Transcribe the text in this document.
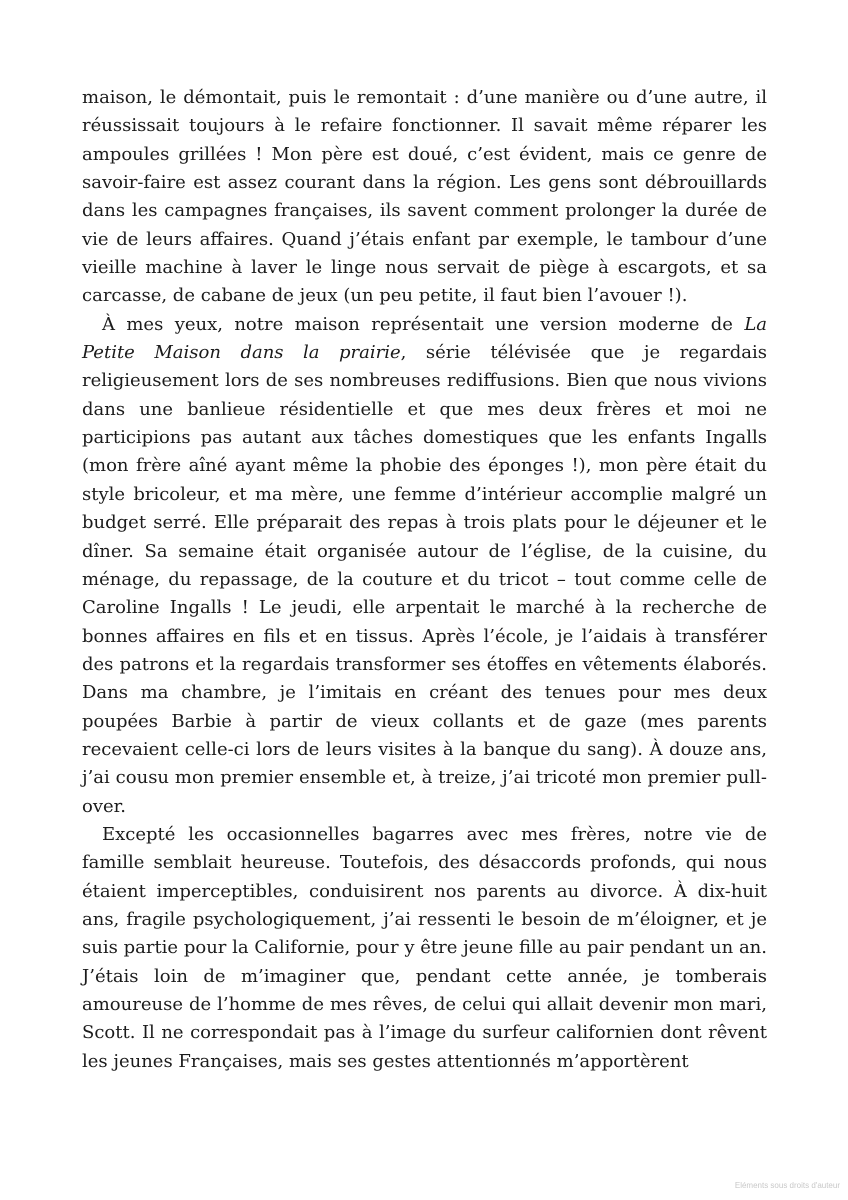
maison, le démontait, puis le remontait : d’une manière ou d’une autre, il réussissait toujours à le refaire fonctionner. Il savait même réparer les ampoules grillées ! Mon père est doué, c’est évident, mais ce genre de savoir-faire est assez courant dans la région. Les gens sont débrouillards dans les campagnes françaises, ils savent comment prolonger la durée de vie de leurs affaires. Quand j’étais enfant par exemple, le tambour d’une vieille machine à laver le linge nous servait de piège à escargots, et sa carcasse, de cabane de jeux (un peu petite, il faut bien l’avouer !).

À mes yeux, notre maison représentait une version moderne de La Petite Maison dans la prairie, série télévisée que je regardais religieusement lors de ses nombreuses rediffusions. Bien que nous vivions dans une banlieue résidentielle et que mes deux frères et moi ne participions pas autant aux tâches domestiques que les enfants Ingalls (mon frère aîné ayant même la phobie des éponges !), mon père était du style bricoleur, et ma mère, une femme d’intérieur accomplie malgré un budget serré. Elle préparait des repas à trois plats pour le déjeuner et le dîner. Sa semaine était organisée autour de l’église, de la cuisine, du ménage, du repassage, de la couture et du tricot – tout comme celle de Caroline Ingalls ! Le jeudi, elle arpentait le marché à la recherche de bonnes affaires en fils et en tissus. Après l’école, je l’aidais à transférer des patrons et la regardais transformer ses étoffes en vêtements élaborés. Dans ma chambre, je l’imitais en créant des tenues pour mes deux poupées Barbie à partir de vieux collants et de gaze (mes parents recevaient celle-ci lors de leurs visites à la banque du sang). À douze ans, j’ai cousu mon premier ensemble et, à treize, j’ai tricoté mon premier pull-over.

Excepté les occasionnelles bagarres avec mes frères, notre vie de famille semblait heureuse. Toutefois, des désaccords profonds, qui nous étaient imperceptibles, conduisirent nos parents au divorce. À dix-huit ans, fragile psychologiquement, j’ai ressenti le besoin de m’éloigner, et je suis partie pour la Californie, pour y être jeune fille au pair pendant un an. J’étais loin de m’imaginer que, pendant cette année, je tomberais amoureuse de l’homme de mes rêves, de celui qui allait devenir mon mari, Scott. Il ne correspondait pas à l’image du surfeur californien dont rêvent les jeunes Françaises, mais ses gestes attentionnés m’apportèrent

Eléments sous droits d'auteur
